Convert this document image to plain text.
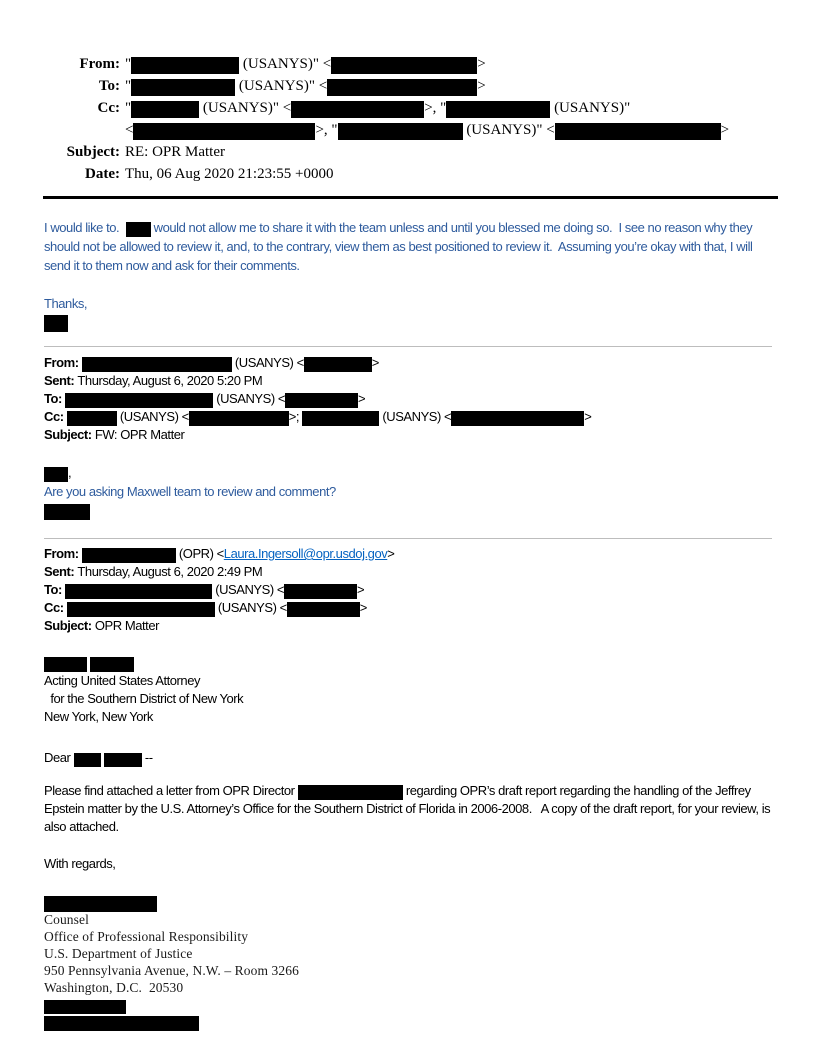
From: "	(USANYS)" <	>
To: "	(USANYS)" <	>
Cc: "	(USANYS)" <	>, "	(USANYS)"
<	>, "	(USANYS)" <	>
Subject: RE: OPR Matter
Date: Thu, 06 Aug 2020 21:23:55 +0000
I would like to.   would not allow me to share it with the team unless and until you blessed me doing so.  I see no reason why they should not be allowed to review it, and, to the contrary, view them as best positioned to review it.  Assuming you’re okay with that, I will send it to them now and ask for their comments.
Thanks,
From:	(USANYS) <	>
Sent: Thursday, August 6, 2020 5:20 PM
To:	(USANYS) <	>
Cc:	(USANYS) <	>;	(USANYS) <	>
Subject: FW: OPR Matter
,
Are you asking Maxwell team to review and comment?
From:	(OPR) <Laura.Ingersoll@opr.usdoj.gov>
Sent: Thursday, August 6, 2020 2:49 PM
To:	(USANYS) <	>
Cc:	(USANYS) <	>
Subject: OPR Matter

Acting United States Attorney
for the Southern District of New York
New York, New York
Dear	--
Please find attached a letter from OPR Director	regarding OPR’s draft report regarding the handling of the Jeffrey Epstein matter by the U.S. Attorney’s Office for the Southern District of Florida in 2006-2008.   A copy of the draft report, for your review, is also attached.
With regards,
Counsel
Office of Professional Responsibility
U.S. Department of Justice
950 Pennsylvania Avenue, N.W. – Room 3266
Washington, D.C.  20530
